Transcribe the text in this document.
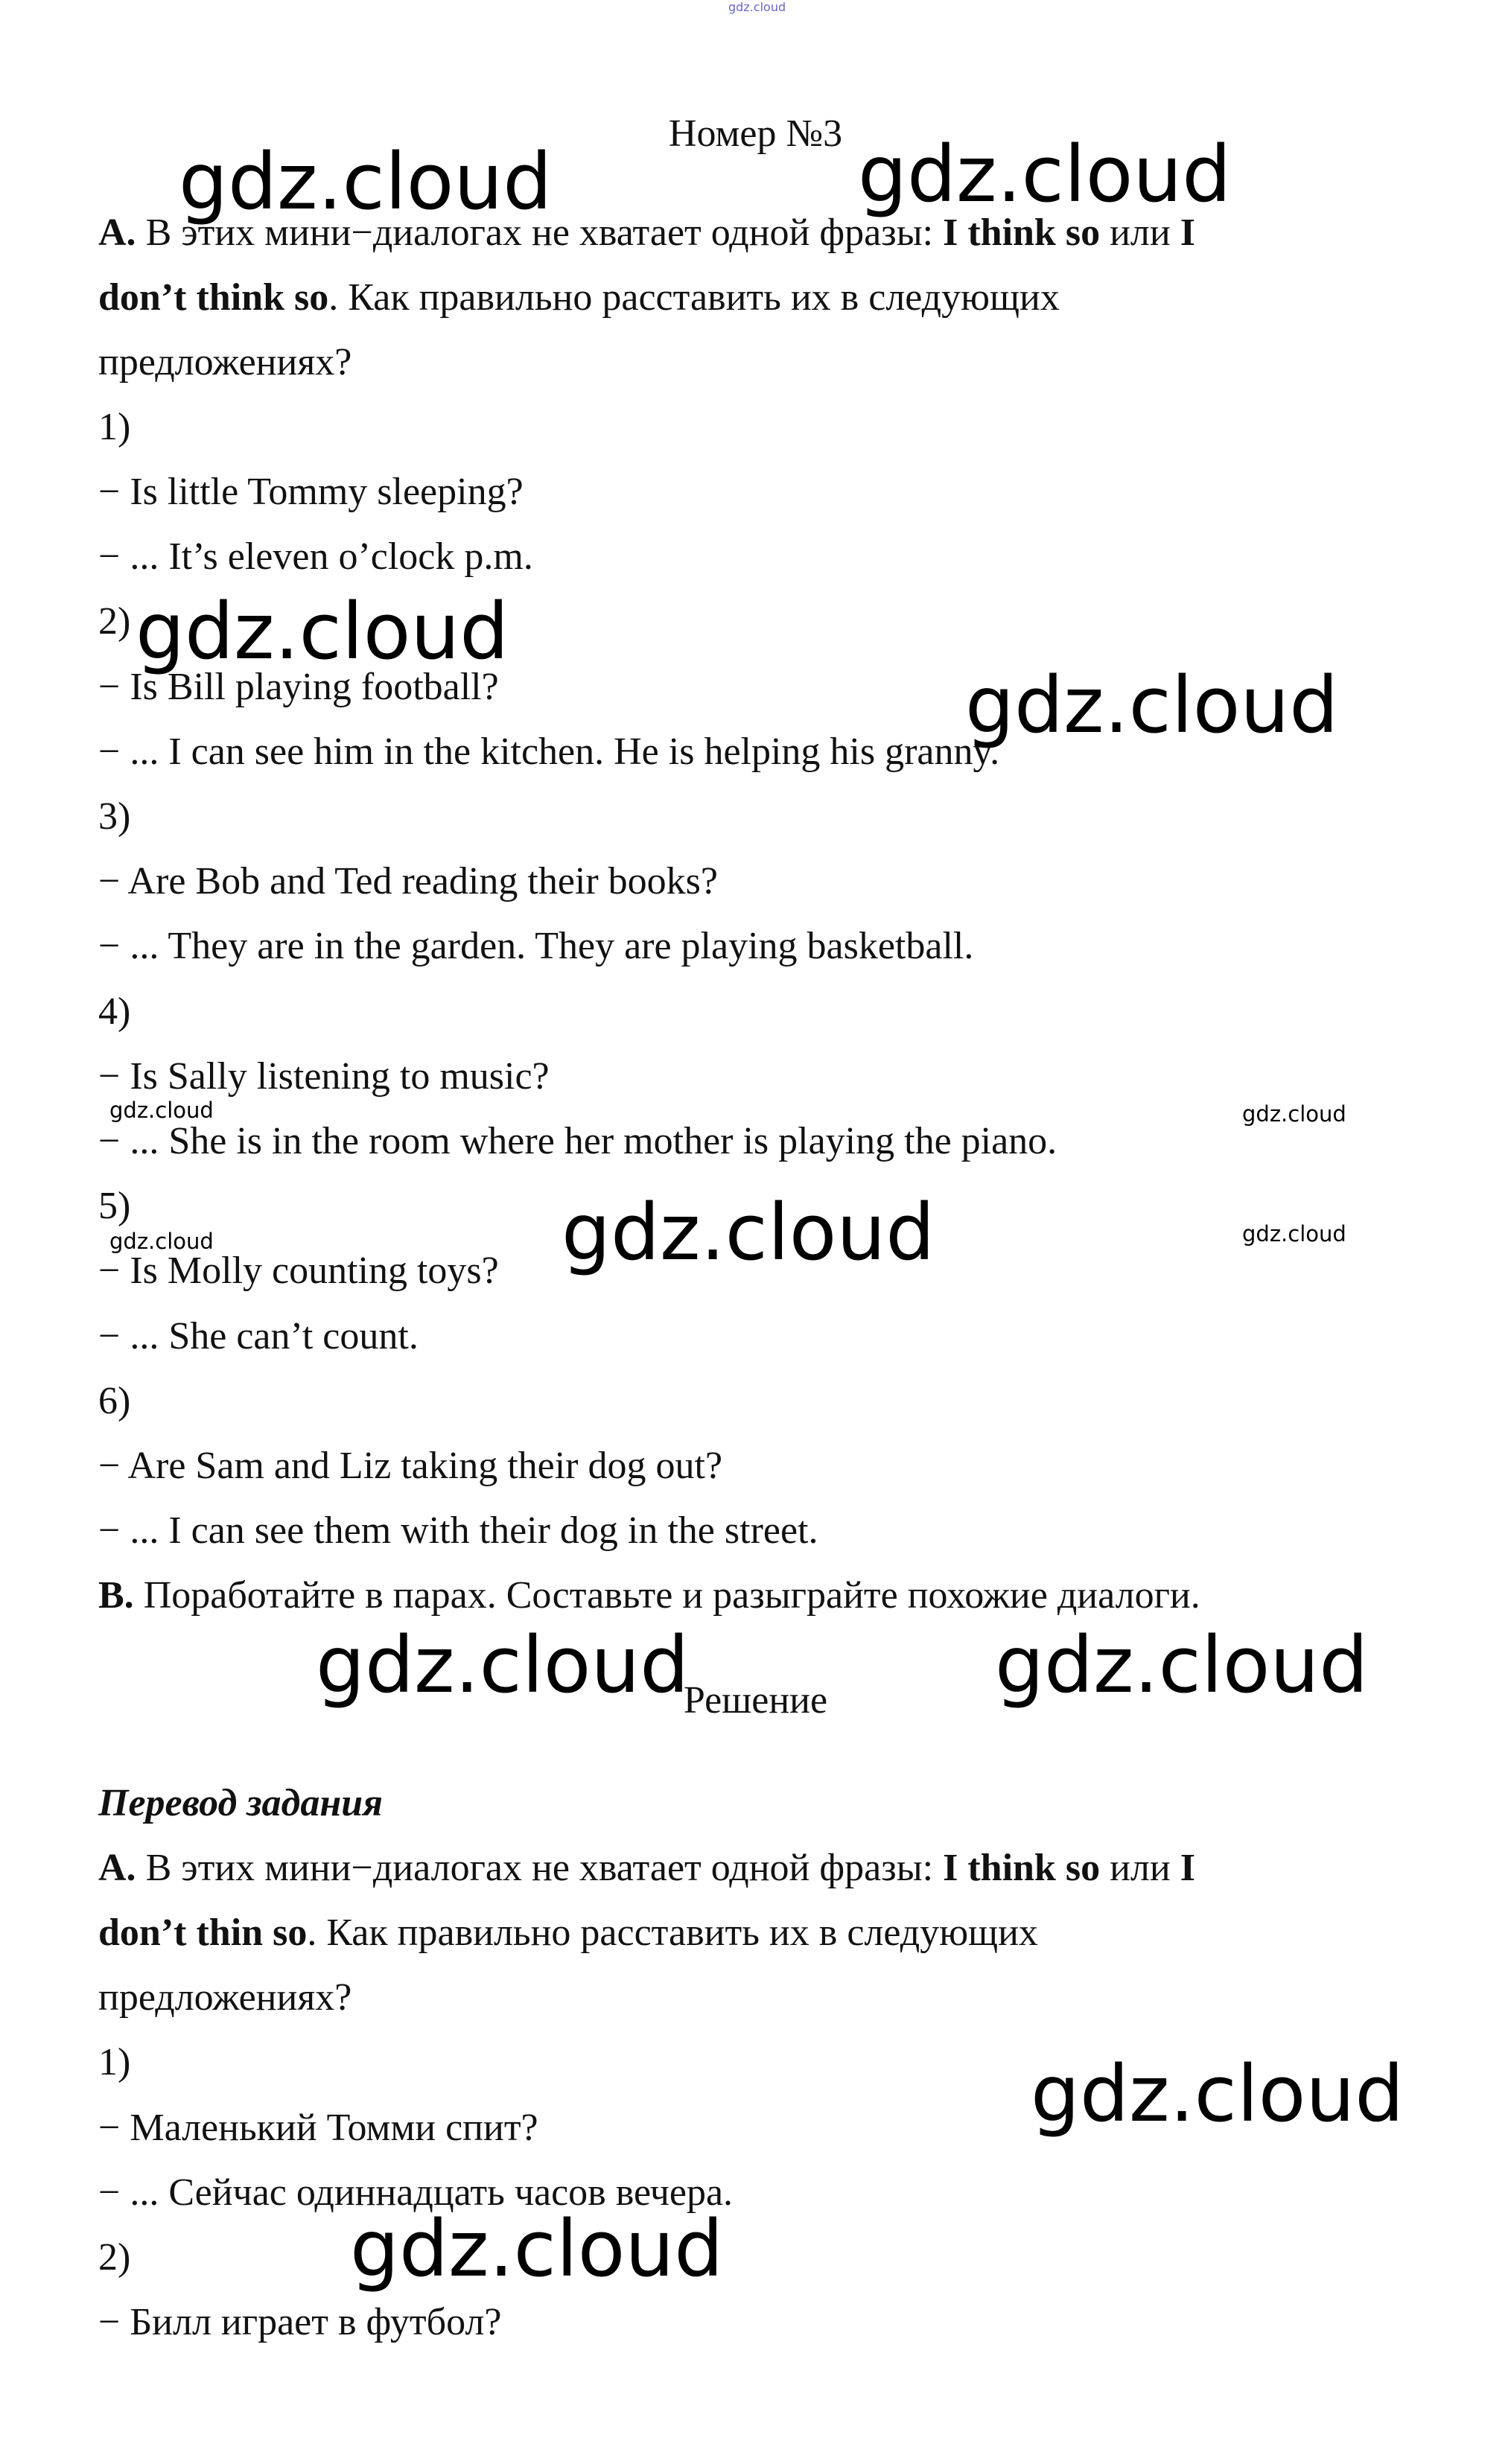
gdz.cloud
Номер №3
A. В этих мини−диалогах не хватает одной фразы: I think so или I
don’t think so. Как правильно расставить их в следующих
предложениях?
1)
− Is little Tommy sleeping?
− ... It’s eleven o’clock p.m.
2)
− Is Bill playing football?
− ... I can see him in the kitchen. He is helping his granny.
3)
− Are Bob and Ted reading their books?
− ... They are in the garden. They are playing basketball.
4)
− Is Sally listening to music?
− ... She is in the room where her mother is playing the piano.
5)
− Is Molly counting toys?
− ... She can’t count.
6)
− Are Sam and Liz taking their dog out?
− ... I can see them with their dog in the street.
B. Поработайте в парах. Составьте и разыграйте похожие диалоги.
Решение
Перевод задания
А. В этих мини−диалогах не хватает одной фразы: I think so или I
don’t thin so. Как правильно расставить их в следующих
предложениях?
1)
− Маленький Томми спит?
− ... Сейчас одиннадцать часов вечера.
2)
− Билл играет в футбол?
gdz.cloud	gdz.cloud
gdz.cloud
gdz.cloud
gdz.cloud
gdz.cloud	gdz.cloud
gdz.cloud
gdz.cloud
gdz.cloud	gdz.cloud
gdz.cloud	gdz.cloud
